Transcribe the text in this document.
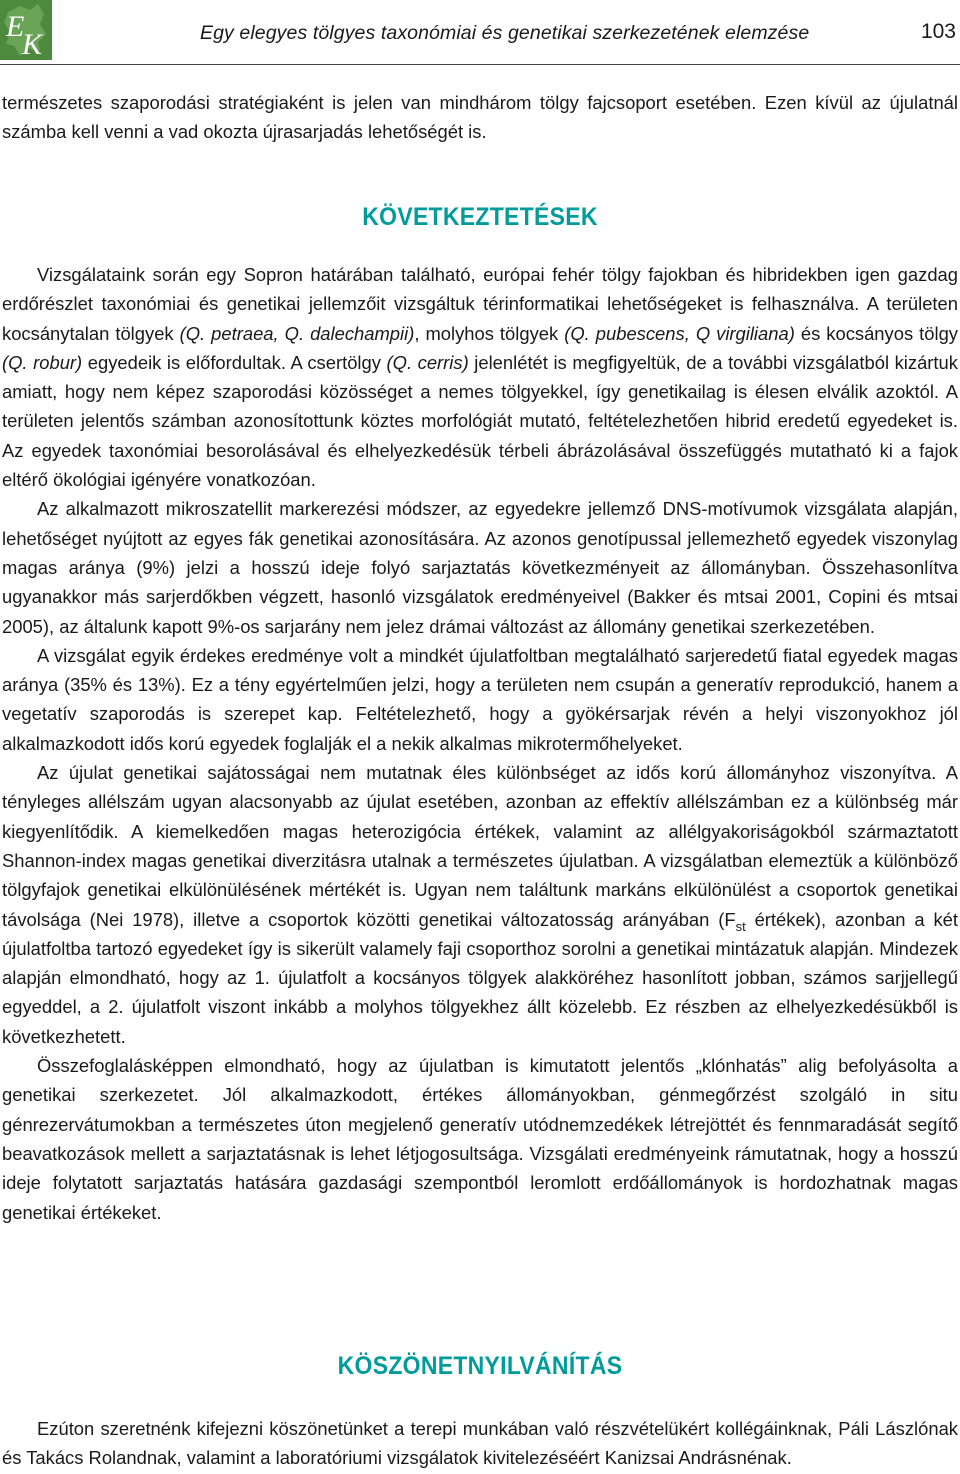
E
K	Egy elegyes tölgyes taxonómiai és genetikai szerkezetének elemzése	103

természetes szaporodási stratégiaként is jelen van mindhárom tölgy fajcsoport esetében. Ezen kívül az újulatnál számba kell venni a vad okozta újrasarjadás lehetőségét is.

KÖVETKEZTETÉSEK

Vizsgálataink során egy Sopron határában található, európai fehér tölgy fajokban és hibridekben igen gazdag erdőrészlet taxonómiai és genetikai jellemzőit vizsgáltuk térinformatikai lehetőségeket is felhasználva. A területen kocsánytalan tölgyek (Q. petraea, Q. dalechampii), molyhos tölgyek (Q. pubescens, Q virgiliana) és kocsányos tölgy (Q. robur) egyedeik is előfordultak. A csertölgy (Q. cerris) jelenlétét is megfigyeltük, de a további vizsgálatból kizártuk amiatt, hogy nem képez szaporodási közösséget a nemes tölgyekkel, így genetikailag is élesen elválik azoktól. A területen jelentős számban azonosítottunk köztes morfológiát mutató, feltételezhetően hibrid eredetű egyedeket is. Az egyedek taxonómiai besorolásával és elhelyezkedésük térbeli ábrázolásával összefüggés mutatható ki a fajok eltérő ökológiai igényére vonatkozóan.

Az alkalmazott mikroszatellit markerezési módszer, az egyedekre jellemző DNS-motívumok vizsgálata alapján, lehetőséget nyújtott az egyes fák genetikai azonosítására. Az azonos genotípussal jellemezhető egyedek viszonylag magas aránya (9%) jelzi a hosszú ideje folyó sarjaztatás következményeit az állományban. Összehasonlítva ugyanakkor más sarjerdőkben végzett, hasonló vizsgálatok eredményeivel (Bakker és mtsai 2001, Copini és mtsai 2005), az általunk kapott 9%-os sarjarány nem jelez drámai változást az állomány genetikai szerkezetében.

A vizsgálat egyik érdekes eredménye volt a mindkét újulatfoltban megtalálható sarjeredetű fiatal egyedek magas aránya (35% és 13%). Ez a tény egyértelműen jelzi, hogy a területen nem csupán a generatív reprodukció, hanem a vegetatív szaporodás is szerepet kap. Feltételezhető, hogy a gyökérsarjak révén a helyi viszonyokhoz jól alkalmazkodott idős korú egyedek foglalják el a nekik alkalmas mikrotermőhelyeket.

Az újulat genetikai sajátosságai nem mutatnak éles különbséget az idős korú állományhoz viszonyítva. A tényleges allélszám ugyan alacsonyabb az újulat esetében, azonban az effektív allélszámban ez a különbség már kiegyenlítődik. A kiemelkedően magas heterozigócia értékek, valamint az allélgyakoriságokból származtatott Shannon-index magas genetikai diverzitásra utalnak a természetes újulatban. A vizsgálatban elemeztük a különböző tölgyfajok genetikai elkülönülésének mértékét is. Ugyan nem találtunk markáns elkülönülést a csoportok genetikai távolsága (Nei 1978), illetve a csoportok közötti genetikai változatosság arányában ($F_{st}$ értékek), azonban a két újulatfoltba tartozó egyedeket így is sikerült valamely faji csoporthoz sorolni a genetikai mintázatuk alapján. Mindezek alapján elmondható, hogy az 1. újulatfolt a kocsányos tölgyek alakköréhez hasonlított jobban, számos sarjjellegű egyeddel, a 2. újulatfolt viszont inkább a molyhos tölgyekhez állt közelebb. Ez részben az elhelyezkedésükből is következhetett.

Összefoglalásképpen elmondható, hogy az újulatban is kimutatott jelentős „klónhatás” alig befolyásolta a genetikai szerkezetet. Jól alkalmazkodott, értékes állományokban, génmegőrzést szolgáló in situ génrezervátumokban a természetes úton megjelenő generatív utódnemzedékek létrejöttét és fennmaradását segítő beavatkozások mellett a sarjaztatásnak is lehet létjogosultsága. Vizsgálati eredményeink rámutatnak, hogy a hosszú ideje folytatott sarjaztatás hatására gazdasági szempontból leromlott erdőállományok is hordozhatnak magas genetikai értékeket.

KÖSZÖNETNYILVÁNÍTÁS

Ezúton szeretnénk kifejezni köszönetünket a terepi munkában való részvételükért kollégáinknak, Páli Lászlónak és Takács Rolandnak, valamint a laboratóriumi vizsgálatok kivitelezéséért Kanizsai Andrásnénak.
